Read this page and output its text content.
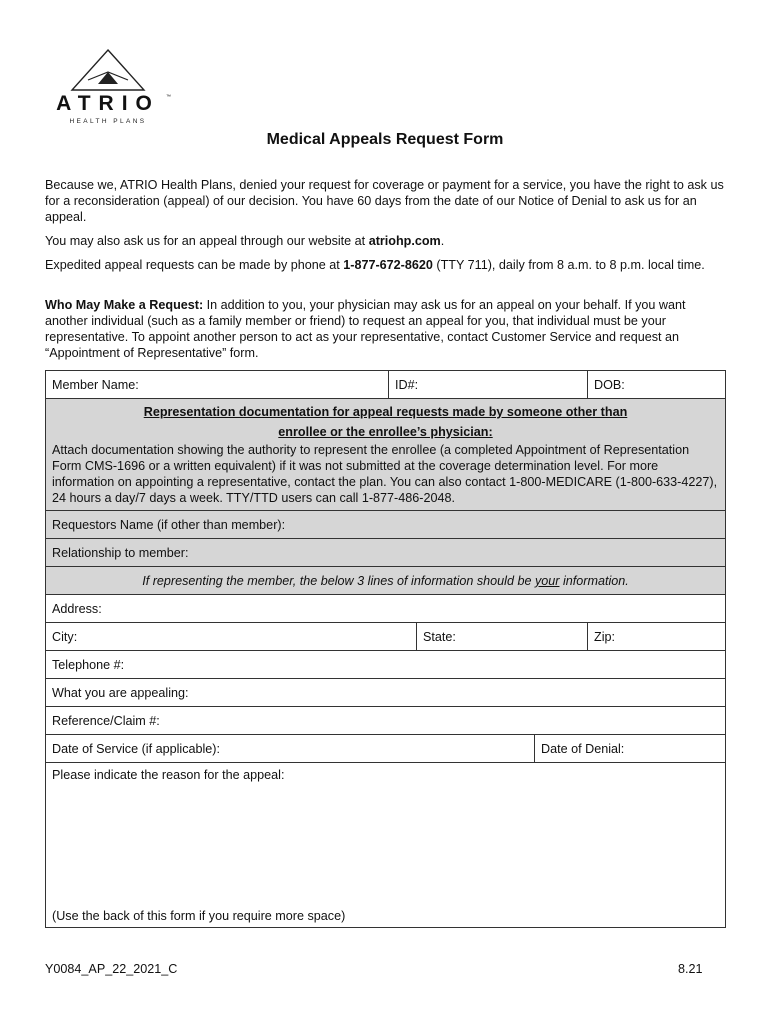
ATRIO	™
HEALTH PLANS
Medical Appeals Request Form

Because we, ATRIO Health Plans, denied your request for coverage or payment for a service, you have the right to ask us for a reconsideration (appeal) of our decision. You have 60 days from the date of our Notice of Denial to ask us for an appeal.

You may also ask us for an appeal through our website at atriohp.com.

Expedited appeal requests can be made by phone at 1-877-672-8620 (TTY 711), daily from 8 a.m. to 8 p.m. local time.

Who May Make a Request: In addition to you, your physician may ask us for an appeal on your behalf. If you want another individual (such as a family member or friend) to request an appeal for you, that individual must be your representative. To appoint another person to act as your representative, contact Customer Service and request an “Appointment of Representative” form.

Member Name:	ID#:			DOB:

Representation documentation for appeal requests made by someone other than
enrollee or the enrollee’s physician:
Attach documentation showing the authority to represent the enrollee (a completed Appointment of Representation Form CMS-1696 or a written equivalent) if it was not submitted at the coverage determination level. For more information on appointing a representative, contact the plan. You can also contact 1-800-MEDICARE (1-800-633-4227), 24 hours a day/7 days a week. TTY/TTD users can call 1-877-486-2048.				

Requestors Name (if other than member):				
Relationship to member:				
If representing the member, the below 3 lines of information should be your information.				
Address:				
City:		State:		Zip:
Telephone #:				
What you are appealing:				
Reference/Claim #:				
Date of Service (if applicable):			Date of Denial:	

Please indicate the reason for the appeal:
(Use the back of this form if you require more space)				
Y0084_AP_22_2021_C	8.21
